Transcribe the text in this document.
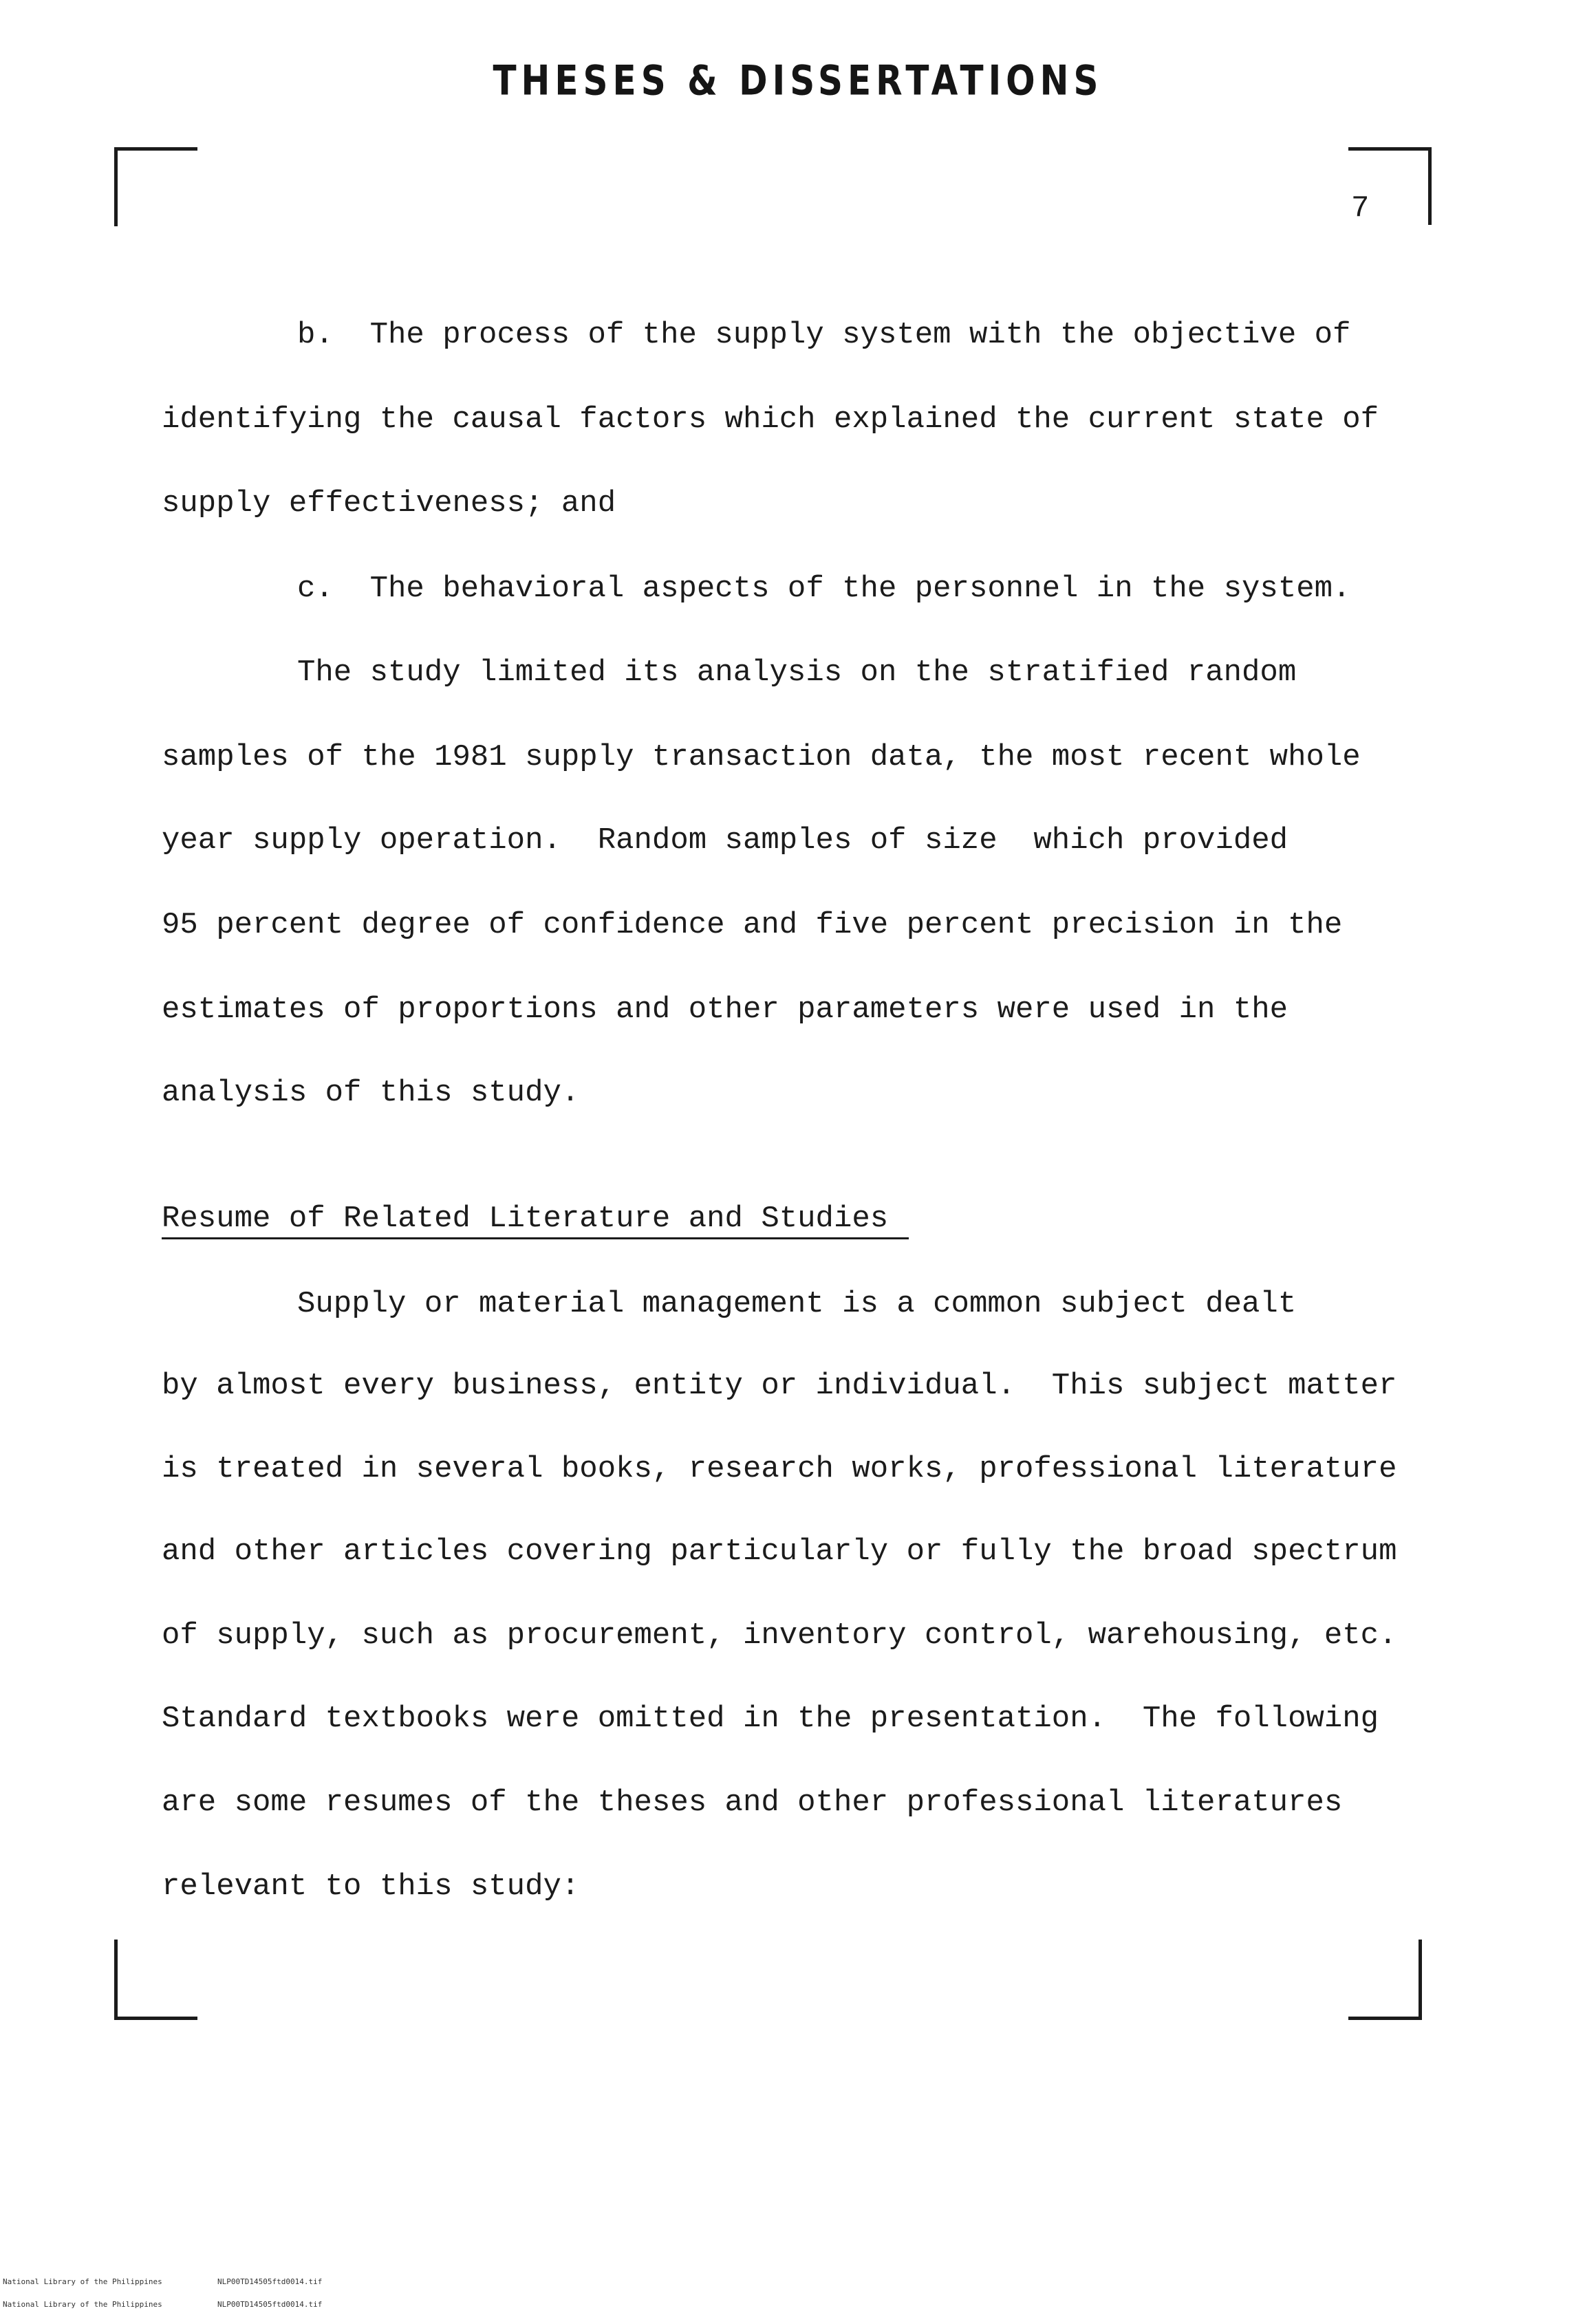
THESES & DISSERTATIONS
7
b.  The process of the supply system with the objective of
identifying the causal factors which explained the current state of
supply effectiveness; and
c.  The behavioral aspects of the personnel in the system.
The study limited its analysis on the stratified random
samples of the 1981 supply transaction data, the most recent whole
year supply operation.  Random samples of size  which provided
95 percent degree of confidence and five percent precision in the
estimates of proportions and other parameters were used in the
analysis of this study.
Resume of Related Literature and Studies
Supply or material management is a common subject dealt
by almost every business, entity or individual.  This subject matter
is treated in several books, research works, professional literature
and other articles covering particularly or fully the broad spectrum
of supply, such as procurement, inventory control, warehousing, etc.
Standard textbooks were omitted in the presentation.  The following
are some resumes of the theses and other professional literatures
relevant to this study:

National Library of the Philippines

National Library of the Philippines

NLP00TD14505ftd0014.tif

NLP00TD14505ftd0014.tif
